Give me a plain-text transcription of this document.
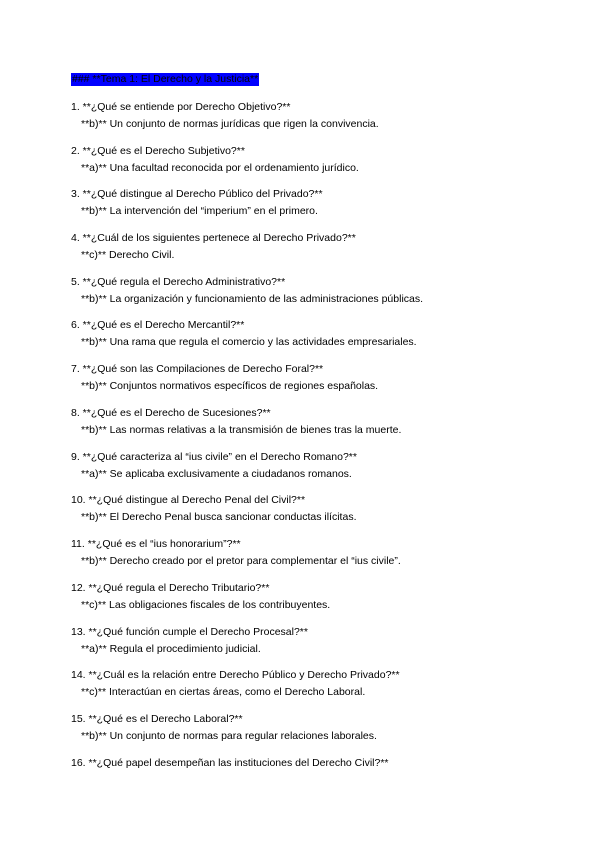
### **Tema 1: El Derecho y la Justicia**
1. **¿Qué se entiende por Derecho Objetivo?**
**b)** Un conjunto de normas jurídicas que rigen la convivencia.
2. **¿Qué es el Derecho Subjetivo?**
**a)** Una facultad reconocida por el ordenamiento jurídico.
3. **¿Qué distingue al Derecho Público del Privado?**
**b)** La intervención del “imperium” en el primero.
4. **¿Cuál de los siguientes pertenece al Derecho Privado?**
**c)** Derecho Civil.
5. **¿Qué regula el Derecho Administrativo?**
**b)** La organización y funcionamiento de las administraciones públicas.
6. **¿Qué es el Derecho Mercantil?**
**b)** Una rama que regula el comercio y las actividades empresariales.
7. **¿Qué son las Compilaciones de Derecho Foral?**
**b)** Conjuntos normativos específicos de regiones españolas.
8. **¿Qué es el Derecho de Sucesiones?**
**b)** Las normas relativas a la transmisión de bienes tras la muerte.
9. **¿Qué caracteriza al “ius civile” en el Derecho Romano?**
**a)** Se aplicaba exclusivamente a ciudadanos romanos.
10. **¿Qué distingue al Derecho Penal del Civil?**
**b)** El Derecho Penal busca sancionar conductas ilícitas.
11. **¿Qué es el “ius honorarium”?**
**b)** Derecho creado por el pretor para complementar el “ius civile”.
12. **¿Qué regula el Derecho Tributario?**
**c)** Las obligaciones fiscales de los contribuyentes.
13. **¿Qué función cumple el Derecho Procesal?**
**a)** Regula el procedimiento judicial.
14. **¿Cuál es la relación entre Derecho Público y Derecho Privado?**
**c)** Interactúan en ciertas áreas, como el Derecho Laboral.
15. **¿Qué es el Derecho Laboral?**
**b)** Un conjunto de normas para regular relaciones laborales.
16. **¿Qué papel desempeñan las instituciones del Derecho Civil?**
